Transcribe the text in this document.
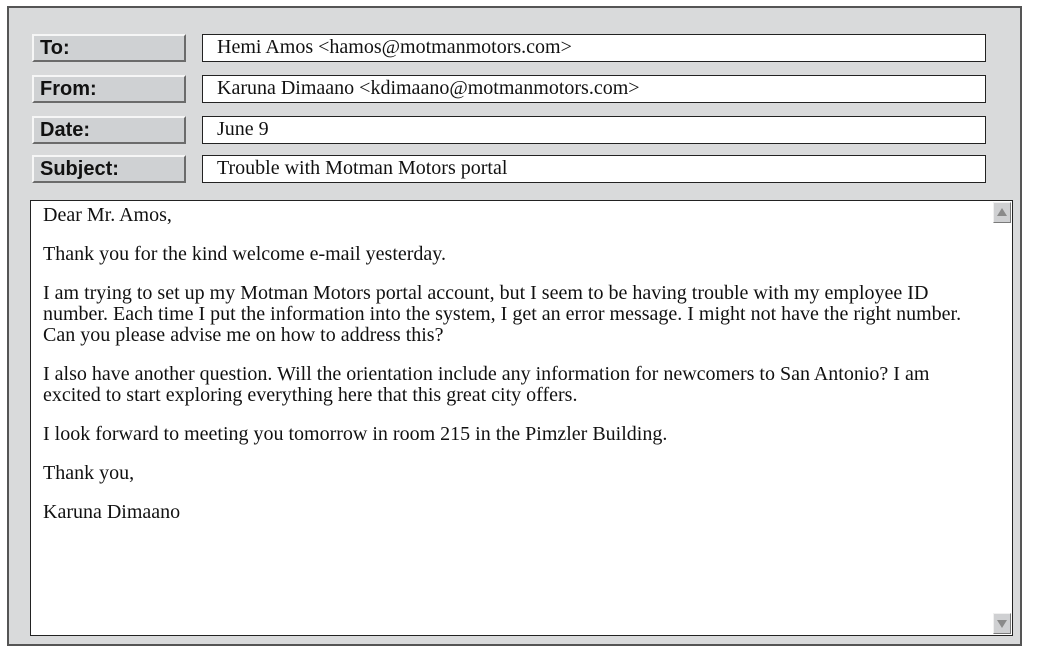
To:	Hemi Amos <hamos@motmanmotors.com>
From:	Karuna Dimaano <kdimaano@motmanmotors.com>
Date:	June 9
Subject:	Trouble with Motman Motors portal

Dear Mr. Amos,

Thank you for the kind welcome e-mail yesterday.

I am trying to set up my Motman Motors portal account, but I seem to be having trouble with my employee ID number. Each time I put the information into the system, I get an error message. I might not have the right number. Can you please advise me on how to address this?

I also have another question. Will the orientation include any information for newcomers to San Antonio? I am excited to start exploring everything here that this great city offers.

I look forward to meeting you tomorrow in room 215 in the Pimzler Building.

Thank you,

Karuna Dimaano
